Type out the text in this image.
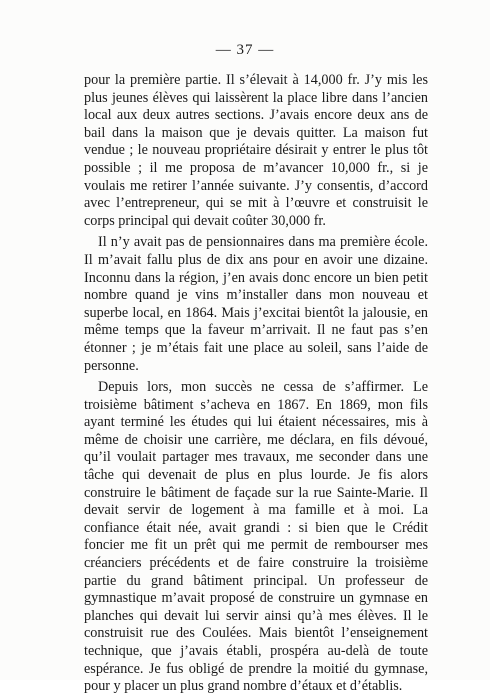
— 37 —

pour la première partie. Il s’élevait à 14,000 fr. J’y mis les plus jeunes élèves qui laissèrent la place libre dans l’ancien local aux deux autres sections. J’avais encore deux ans de bail dans la maison que je devais quitter. La maison fut vendue ; le nouveau propriétaire désirait y entrer le plus tôt possible ; il me proposa de m’avancer 10,000 fr., si je voulais me retirer l’année suivante. J’y consentis, d’accord avec l’entrepreneur, qui se mit à l’œuvre et construisit le corps principal qui devait coûter 30,000 fr.

Il n’y avait pas de pensionnaires dans ma première école. Il m’avait fallu plus de dix ans pour en avoir une dizaine. Inconnu dans la région, j’en avais donc encore un bien petit nombre quand je vins m’installer dans mon nouveau et superbe local, en 1864. Mais j’excitai bientôt la jalousie, en même temps que la faveur m’arrivait. Il ne faut pas s’en étonner ; je m’étais fait une place au soleil, sans l’aide de personne.

Depuis lors, mon succès ne cessa de s’affirmer. Le troisième bâtiment s’acheva en 1867. En 1869, mon fils ayant terminé les études qui lui étaient nécessaires, mis à même de choisir une carrière, me déclara, en fils dévoué, qu’il voulait partager mes travaux, me seconder dans une tâche qui devenait de plus en plus lourde. Je fis alors construire le bâtiment de façade sur la rue Sainte-Marie. Il devait servir de logement à ma famille et à moi. La confiance était née, avait grandi : si bien que le Crédit foncier me fit un prêt qui me permit de rembourser mes créanciers précédents et de faire construire la troisième partie du grand bâtiment principal. Un professeur de gymnastique m’avait proposé de construire un gymnase en planches qui devait lui servir ainsi qu’à mes élèves. Il le construisit rue des Coulées. Mais bientôt l’enseignement technique, que j’avais établi, prospéra au-delà de toute espérance. Je fus obligé de prendre la moitié du gymnase, pour y placer un plus grand nombre d’étaux et d’établis.
